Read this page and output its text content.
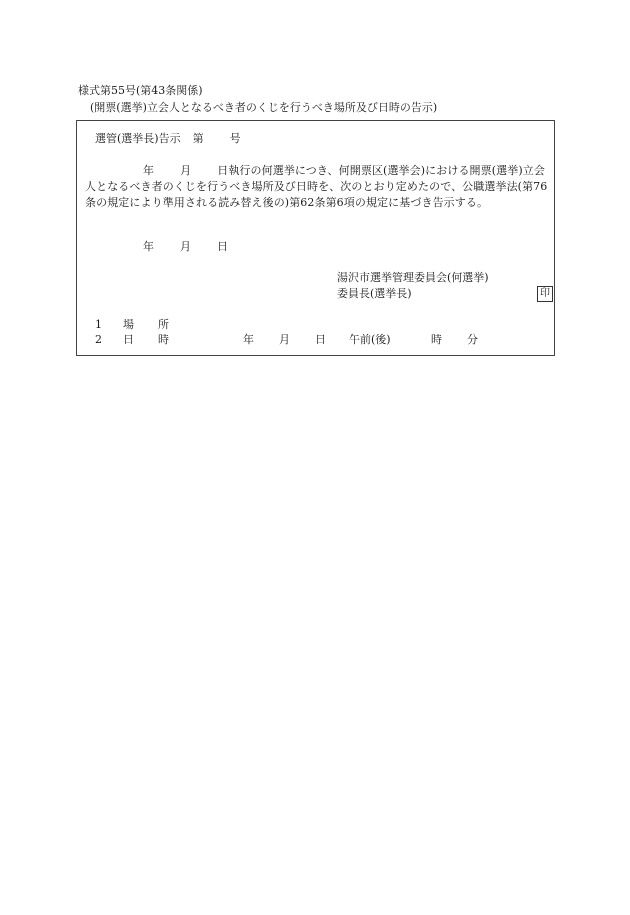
様式第55号(第43条関係)
(開票(選挙)立会人となるべき者のくじを行うべき場所及び日時の告示)
選管(選挙長)告示 第 号
年 月 日執行の何選挙につき、何開票区(選挙会)における開票(選挙)立会人となるべき者のくじを行うべき場所及び日時を、次のとおり定めたので、公職選挙法(第76条の規定により準用される読み替え後の)第62条第6項の規定に基づき告示する。
年 月 日
湯沢市選挙管理委員会(何選挙)
委員長(選挙長)	印
1 場 所
2 日 時	年 月 日 午前(後)	時 分
